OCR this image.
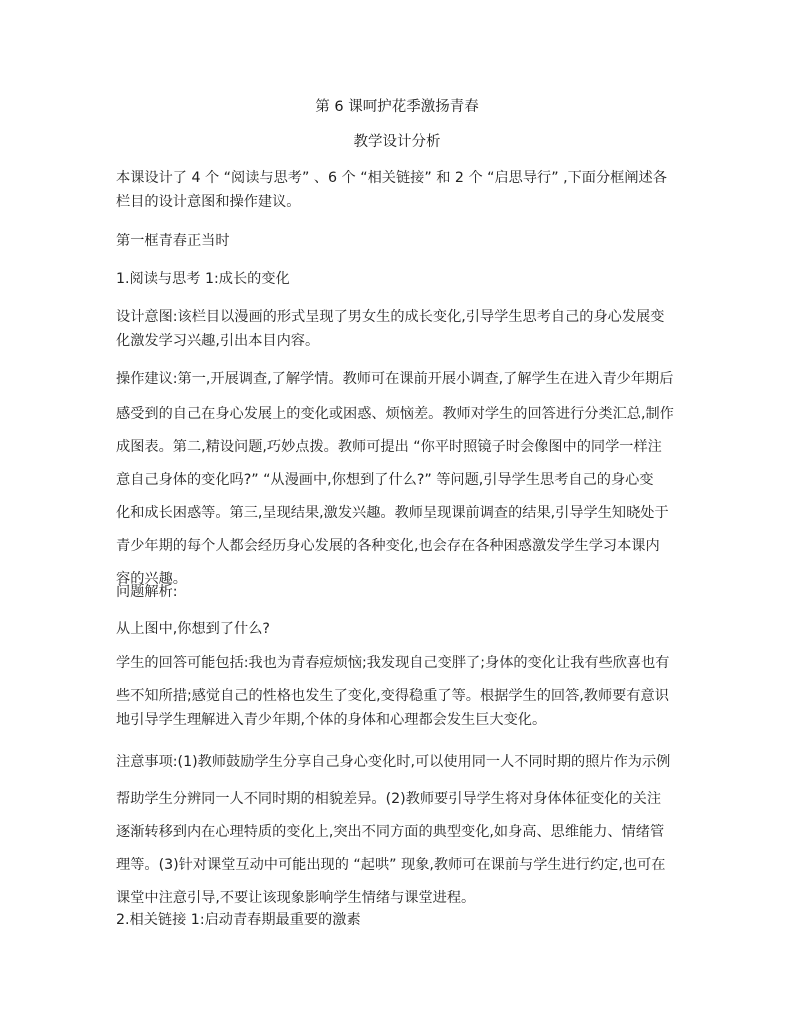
第 6 课呵护花季激扬青春
教学设计分析
本课设计了 4 个 “阅读与思考” 、6 个 “相关链接” 和 2 个 “启思导行” ,下面分框阐述各
栏目的设计意图和操作建议。
第一框青春正当时
1.阅读与思考 1:成长的变化
设计意图:该栏目以漫画的形式呈现了男女生的成长变化,引导学生思考自己的身心发展变
化激发学习兴趣,引出本目内容。
操作建议:第一,开展调查,了解学情。教师可在课前开展小调查,了解学生在进入青少年期后
感受到的自己在身心发展上的变化或困惑、烦恼差。教师对学生的回答进行分类汇总,制作
成图表。第二,精设问题,巧妙点拨。教师可提出 “你平时照镜子时会像图中的同学一样注
意自己身体的变化吗?” “从漫画中,你想到了什么?” 等问题,引导学生思考自己的身心变
化和成长困惑等。第三,呈现结果,激发兴趣。教师呈现课前调查的结果,引导学生知晓处于
青少年期的每个人都会经历身心发展的各种变化,也会存在各种困惑激发学生学习本课内
容的兴趣。
问题解析:
从上图中,你想到了什么?
学生的回答可能包括:我也为青春痘烦恼;我发现自己变胖了;身体的变化让我有些欣喜也有
些不知所措;感觉自己的性格也发生了变化,变得稳重了等。根据学生的回答,教师要有意识
地引导学生理解进入青少年期,个体的身体和心理都会发生巨大变化。
注意事项:(1)教师鼓励学生分享自己身心变化时,可以使用同一人不同时期的照片作为示例
帮助学生分辨同一人不同时期的相貌差异。(2)教师要引导学生将对身体体征变化的关注
逐渐转移到内在心理特质的变化上,突出不同方面的典型变化,如身高、思维能力、情绪管
理等。(3)针对课堂互动中可能出现的 “起哄” 现象,教师可在课前与学生进行约定,也可在
课堂中注意引导,不要让该现象影响学生情绪与课堂进程。
2.相关链接 1:启动青春期最重要的激素
